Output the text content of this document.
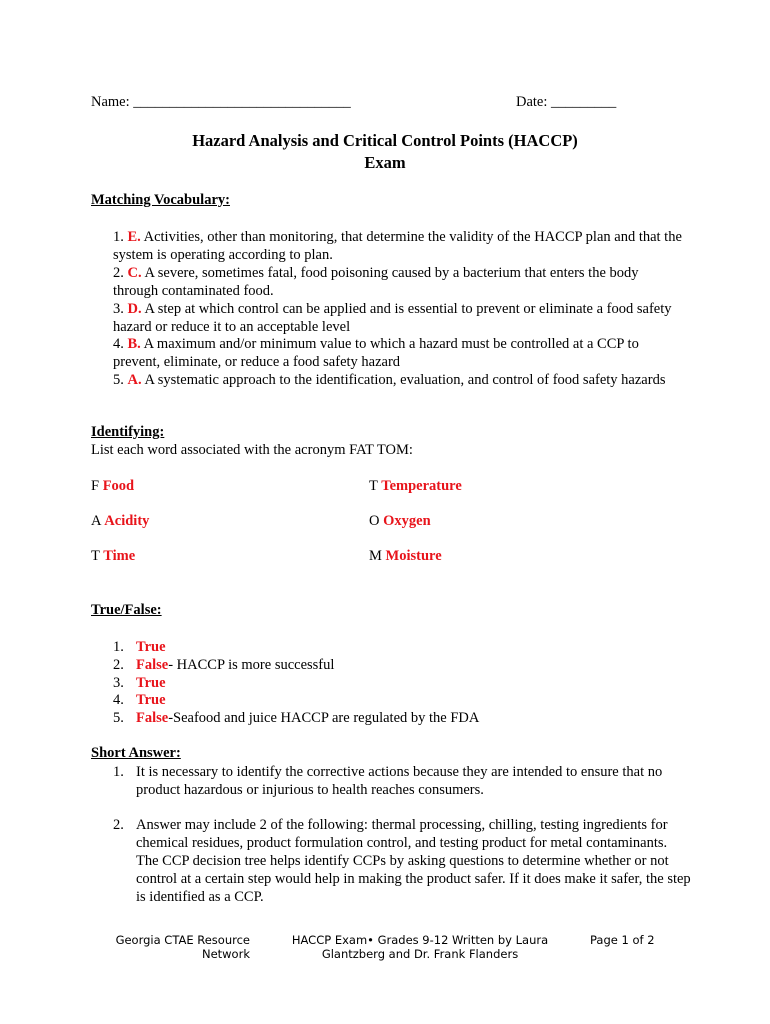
Name: ______________________________	Date: _________
Hazard Analysis and Critical Control Points (HACCP)
Exam
Matching Vocabulary:
1. E. Activities, other than monitoring, that determine the validity of the HACCP plan and that the system is operating according to plan.
2. C. A severe, sometimes fatal, food poisoning caused by a bacterium that enters the body through contaminated food.
3. D. A step at which control can be applied and is essential to prevent or eliminate a food safety hazard or reduce it to an acceptable level
4. B. A maximum and/or minimum value to which a hazard must be controlled at a CCP to prevent, eliminate, or reduce a food safety hazard
5. A. A systematic approach to the identification, evaluation, and control of food safety hazards
Identifying:
List each word associated with the acronym FAT TOM:
F Food	T Temperature
A Acidity	O Oxygen
T Time	M Moisture
True/False:
1. True
2. False- HACCP is more successful
3. True
4. True
5. False-Seafood and juice HACCP are regulated by the FDA
Short Answer:
1. It is necessary to identify the corrective actions because they are intended to ensure that no product hazardous or injurious to health reaches consumers.
2. Answer may include 2 of the following: thermal processing, chilling, testing ingredients for chemical residues, product formulation control, and testing product for metal contaminants. The CCP decision tree helps identify CCPs by asking questions to determine whether or not control at a certain step would help in making the product safer. If it does make it safer, the step is identified as a CCP.
Georgia CTAE Resource Network
HACCP Exam• Grades 9-12 Written by Laura Glantzberg and Dr. Frank Flanders
Page 1 of 2
